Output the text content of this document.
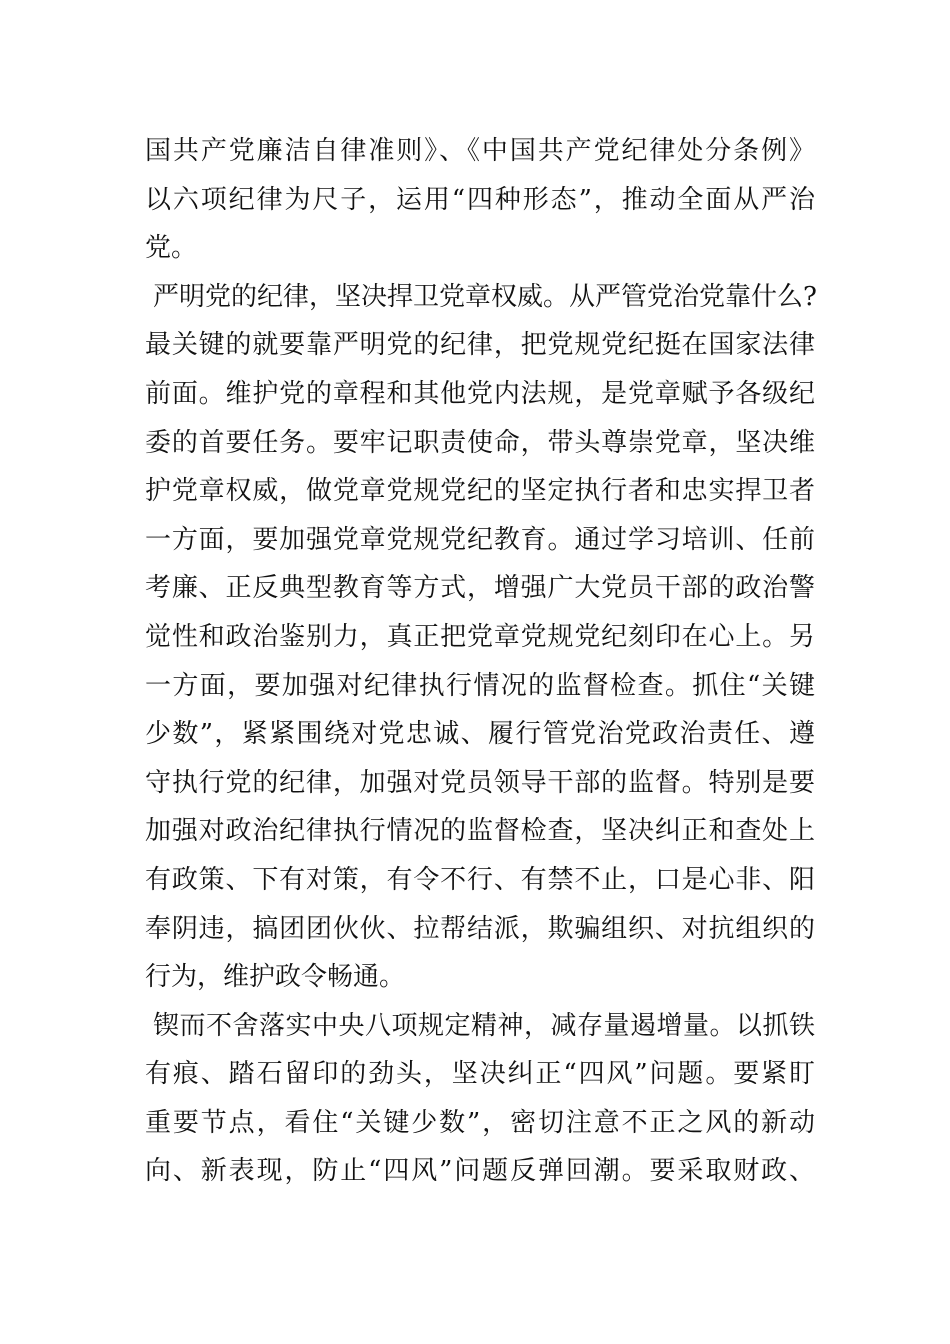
国共产党廉洁自律准则》、《中国共产党纪律处分条例》
以六项纪律为尺子，运用“四种形态”，推动全面从严治
党。
严明党的纪律，坚决捍卫党章权威。从严管党治党靠什么?
最关键的就要靠严明党的纪律，把党规党纪挺在国家法律
前面。维护党的章程和其他党内法规，是党章赋予各级纪
委的首要任务。要牢记职责使命，带头尊崇党章，坚决维
护党章权威，做党章党规党纪的坚定执行者和忠实捍卫者
一方面，要加强党章党规党纪教育。通过学习培训、任前
考廉、正反典型教育等方式，增强广大党员干部的政治警
觉性和政治鉴别力，真正把党章党规党纪刻印在心上。另
一方面，要加强对纪律执行情况的监督检查。抓住“关键
少数”，紧紧围绕对党忠诚、履行管党治党政治责任、遵
守执行党的纪律，加强对党员领导干部的监督。特别是要
加强对政治纪律执行情况的监督检查，坚决纠正和查处上
有政策、下有对策，有令不行、有禁不止，口是心非、阳
奉阴违，搞团团伙伙、拉帮结派，欺骗组织、对抗组织的
行为，维护政令畅通。
锲而不舍落实中央八项规定精神，减存量遏增量。以抓铁
有痕、踏石留印的劲头，坚决纠正“四风”问题。要紧盯
重要节点，看住“关键少数”，密切注意不正之风的新动
向、新表现，防止“四风”问题反弹回潮。要采取财政、
